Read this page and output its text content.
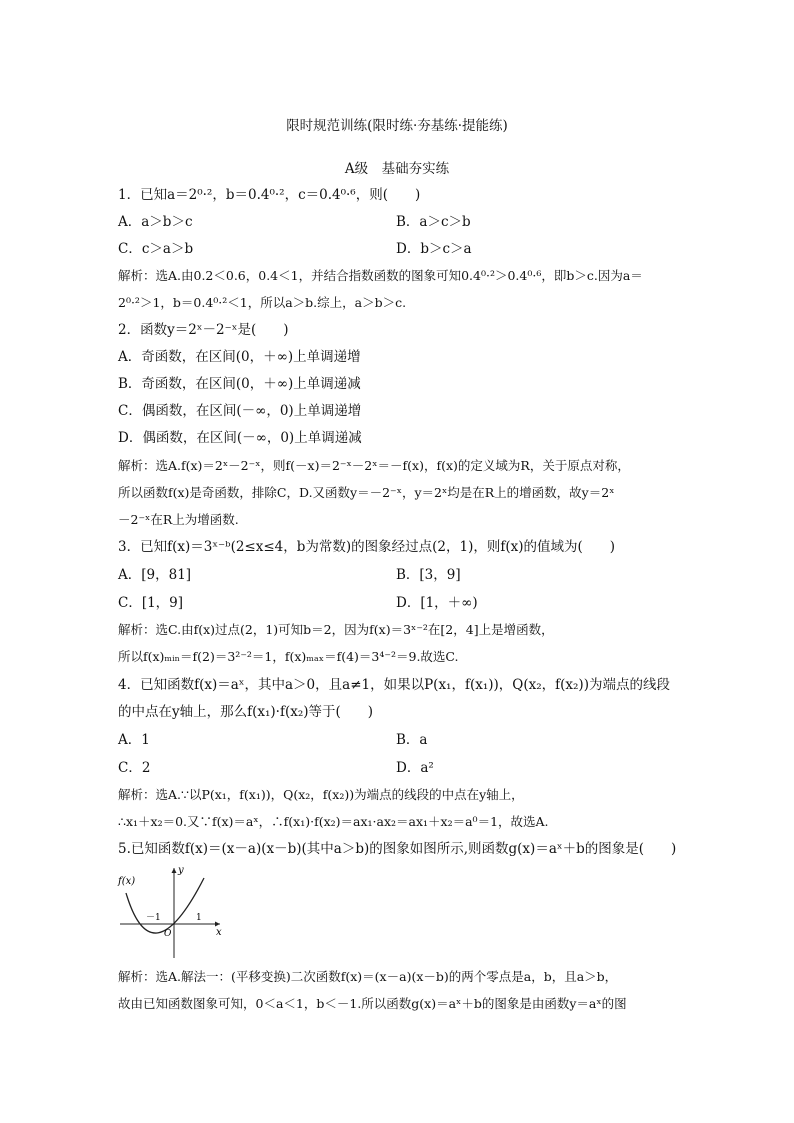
限时规范训练(限时练·夯基练·提能练)
A级　基础夯实练
1．已知a＝2⁰·²，b＝0.4⁰·²，c＝0.4⁰·⁶，则(　　)
A．a＞b＞c	B．a＞c＞b
C．c＞a＞b	D．b＞c＞a
解析：选A.由0.2＜0.6，0.4＜1，并结合指数函数的图象可知0.4⁰·²＞0.4⁰·⁶，即b＞c.因为a＝
2⁰·²＞1，b＝0.4⁰·²＜1，所以a＞b.综上，a＞b＞c.
2．函数y＝2ˣ－2⁻ˣ是(　　)
A．奇函数，在区间(0，＋∞)上单调递增
B．奇函数，在区间(0，＋∞)上单调递减
C．偶函数，在区间(－∞，0)上单调递增
D．偶函数，在区间(－∞，0)上单调递减
解析：选A.f(x)＝2ˣ－2⁻ˣ，则f(－x)＝2⁻ˣ－2ˣ＝－f(x)，f(x)的定义域为R，关于原点对称，
所以函数f(x)是奇函数，排除C，D.又函数y＝－2⁻ˣ，y＝2ˣ均是在R上的增函数，故y＝2ˣ
－2⁻ˣ在R上为增函数.
3．已知f(x)＝3ˣ⁻ᵇ(2≤x≤4，b为常数)的图象经过点(2，1)，则f(x)的值域为(　　)
A．[9，81]	B．[3，9]
C．[1，9]	D．[1，＋∞)
解析：选C.由f(x)过点(2，1)可知b＝2，因为f(x)＝3ˣ⁻²在[2，4]上是增函数，
所以f(x)ₘᵢₙ＝f(2)＝3²⁻²＝1，f(x)ₘₐₓ＝f(4)＝3⁴⁻²＝9.故选C.
4．已知函数f(x)＝aˣ，其中a＞0，且a≠1，如果以P(x₁，f(x₁))，Q(x₂，f(x₂))为端点的线段
的中点在y轴上，那么f(x₁)·f(x₂)等于(　　)
A．1	B．a
C．2	D．a²
解析：选A.∵以P(x₁，f(x₁))，Q(x₂，f(x₂))为端点的线段的中点在y轴上，
∴x₁＋x₂＝0.又∵f(x)＝aˣ，∴f(x₁)·f(x₂)＝ax₁·ax₂＝ax₁＋x₂＝a⁰＝1，故选A.
5.已知函数f(x)＝(x－a)(x－b)(其中a＞b)的图象如图所示,则函数g(x)＝aˣ＋b的图象是(　　)
f(x)
y
x
－1
O
1
解析：选A.解法一：(平移变换)二次函数f(x)＝(x－a)(x－b)的两个零点是a，b，且a＞b，
故由已知函数图象可知，0＜a＜1，b＜－1.所以函数g(x)＝aˣ＋b的图象是由函数y＝aˣ的图
